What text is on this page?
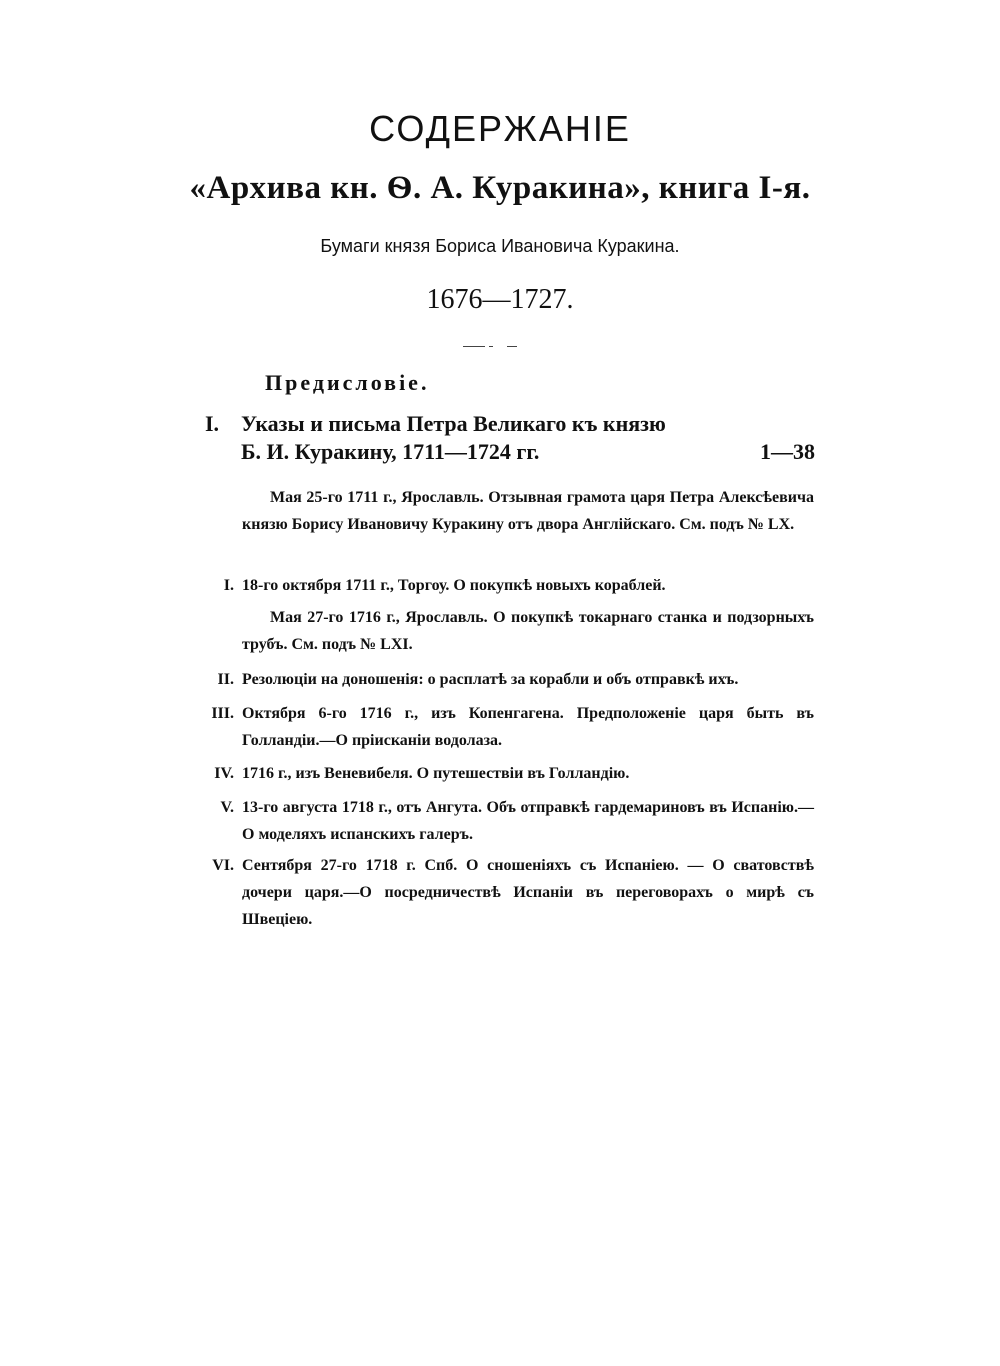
СОДЕРЖАНIЕ
«Архива кн. Ѳ. А. Куракина», книга I-я.
Бумаги князя Бориса Ивановича Куракина.
1676—1727.
Предисловiе.
I. Указы и письма Петра Великаго къ князю
Б. И. Куракину, 1711—1724 гг.	1—38
Мая 25-го 1711 г., Ярославль. Отзывная грамота царя Петра Алексѣевича князю Борису Ивановичу Куракину отъ двора Англiйскаго. См. подъ № LX.
I. 18-го октября 1711 г., Торгоу. О покупкѣ новыхъ кораблей.
Мая 27-го 1716 г., Ярославль. О покупкѣ токарнаго станка и подзорныхъ трубъ. См. подъ № LXI.
II. Резолюцiи на доношенiя: о расплатѣ за корабли и объ отправкѣ ихъ.
III. Октября 6-го 1716 г., изъ Копенгагена. Предположенiе царя быть въ Голландiи.—О прiисканiи водолаза.
IV. 1716 г., изъ Веневибеля. О путешествiи въ Голландiю.
V. 13-го августа 1718 г., отъ Ангута. Объ отправкѣ гардемариновъ въ Испанiю.—О моделяхъ испанскихъ галеръ.
VI. Сентября 27-го 1718 г. Спб. О сношенiяхъ съ Испанiею. — О сватовствѣ дочери царя.—О посредничествѣ Испанiи въ переговорахъ о мирѣ съ Швецiею.
